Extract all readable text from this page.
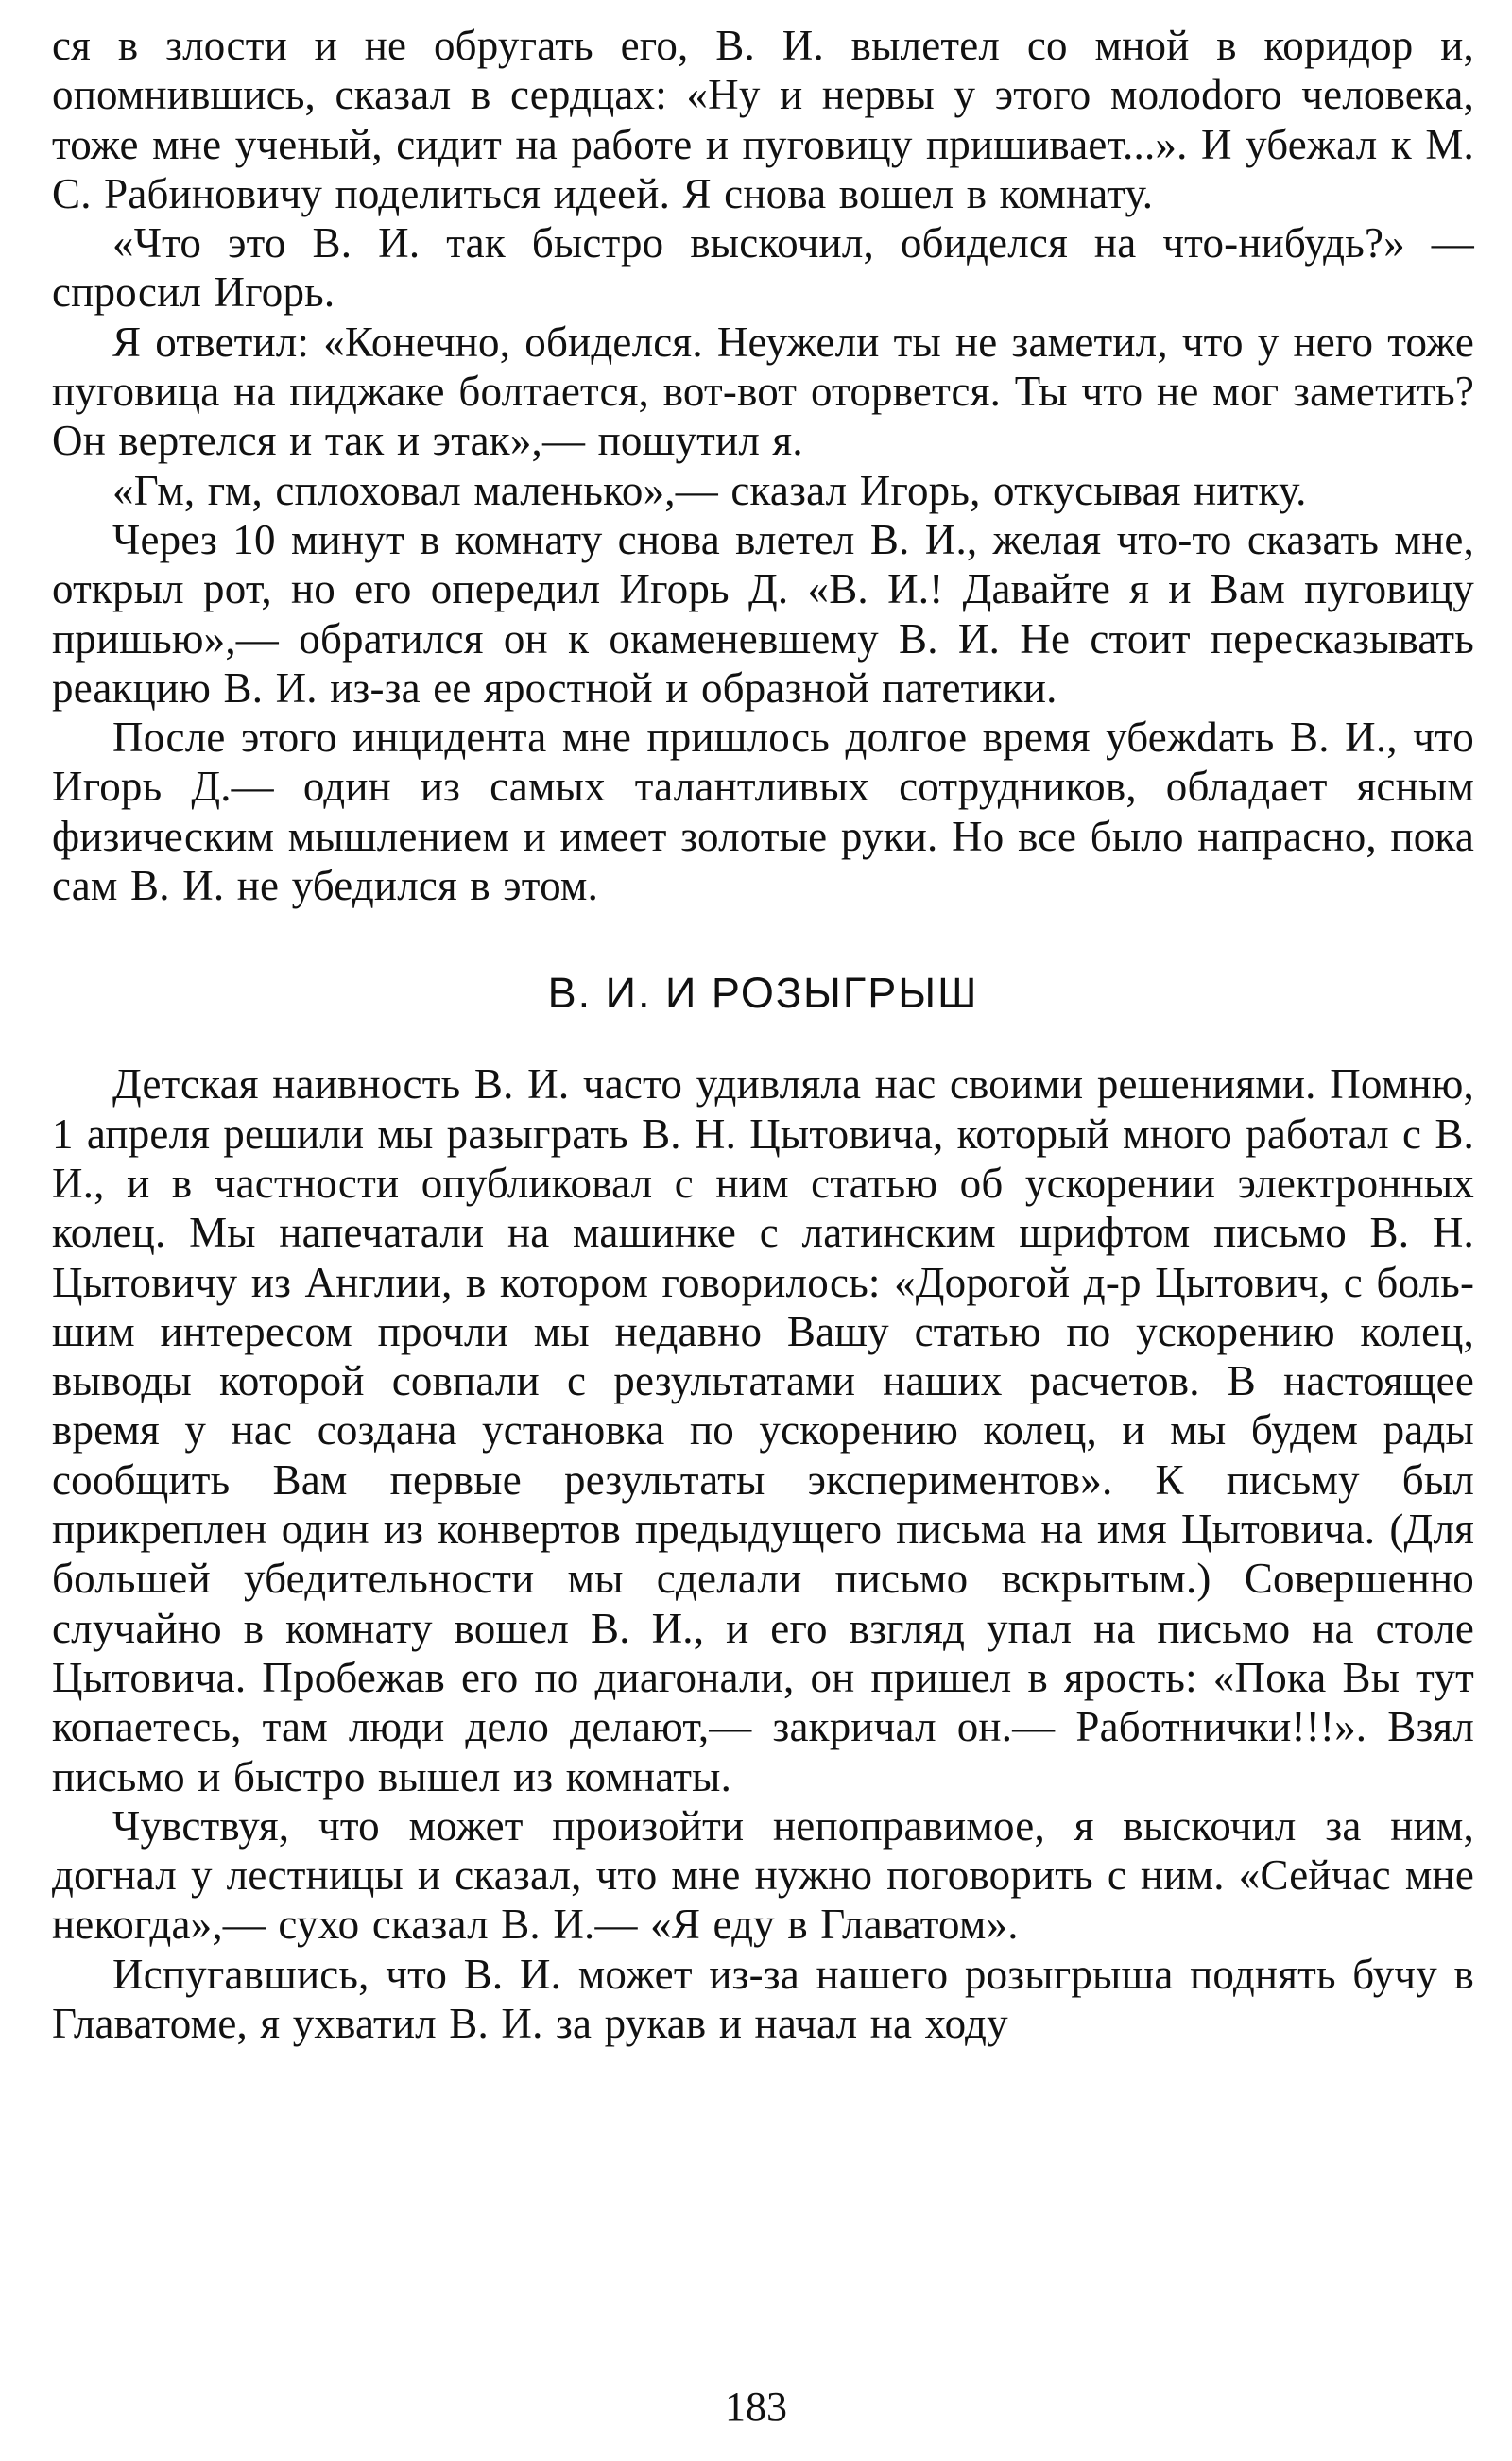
ся в злости и не обругать его, В. И. вылетел со мной в коридор и, опомнившись, сказал в сердцах: «Ну и нервы у этого молоdого человека, тоже мне ученый, сидит на работе и пуговицу пришивает...». И убежал к М. С. Рабиновичу поделиться идеей. Я снова вошел в комнату.

«Что это В. И. так быстро выскочил, обиделся на что-нибудь?» — спросил Игорь.

Я ответил: «Конечно, обиделся. Неужели ты не заметил, что у него тоже пуговица на пиджаке болтается, вот-вот оторвется. Ты что не мог заметить? Он вертелся и так и этак»,— пошутил я.

«Гм, гм, сплоховал маленько»,— сказал Игорь, откусывая нитку.

Через 10 минут в комнату снова влетел В. И., желая что-то сказать мне, открыл рот, но его опередил Игорь Д. «В. И.! Давайте я и Вам пуговицу пришью»,— обратился он к окаменевшему В. И. Не стоит пересказывать реакцию В. И. из-за ее яростной и образной патетики.

После этого инцидента мне пришлось долгое время убежdать В. И., что Игорь Д.— один из самых талантливых сотрудников, обладает ясным физическим мышлением и имеет золотые руки. Но все было напрасно, пока сам В. И. не убедился в этом.

В. И. И РОЗЫГРЫШ

Детская наивность В. И. часто удивляла нас своими решениями. Помню, 1 апреля решили мы разыграть В. Н. Цытовича, который много работал с В. И., и в частности опубликовал с ним статью об ускорении электронных колец. Мы напечатали на машинке с латинским шрифтом письмо В. Н. Цытовичу из Англии, в котором говорилось: «Дорогой д-р Цытович, с большим интересом прочли мы недавно Вашу статью по ускорению колец, выводы которой совпали с результатами наших расчетов. В настоящее время у нас создана установка по ускорению колец, и мы будем рады сообщить Вам первые результаты экспериментов». К письму был прикреплен один из конвертов предыдущего письма на имя Цытовича. (Для большей убедительности мы сделали письмо вскрытым.) Совершенно случайно в комнату вошел В. И., и его взгляд упал на письмо на столе Цытовича. Пробежав его по диагонали, он пришел в ярость: «Пока Вы тут копаетесь, там люди дело делают,— закричал он.— Работнички!!!». Взял письмо и быстро вышел из комнаты.

Чувствуя, что может произойти непоправимое, я выскочил за ним, догнал у лестницы и сказал, что мне нужно поговорить с ним. «Сейчас мне некогда»,— сухо сказал В. И.— «Я еду в Главатом».

Испугавшись, что В. И. может из-за нашего розыгрыша поднять бучу в Главатоме, я ухватил В. И. за рукав и начал на ходу

183
